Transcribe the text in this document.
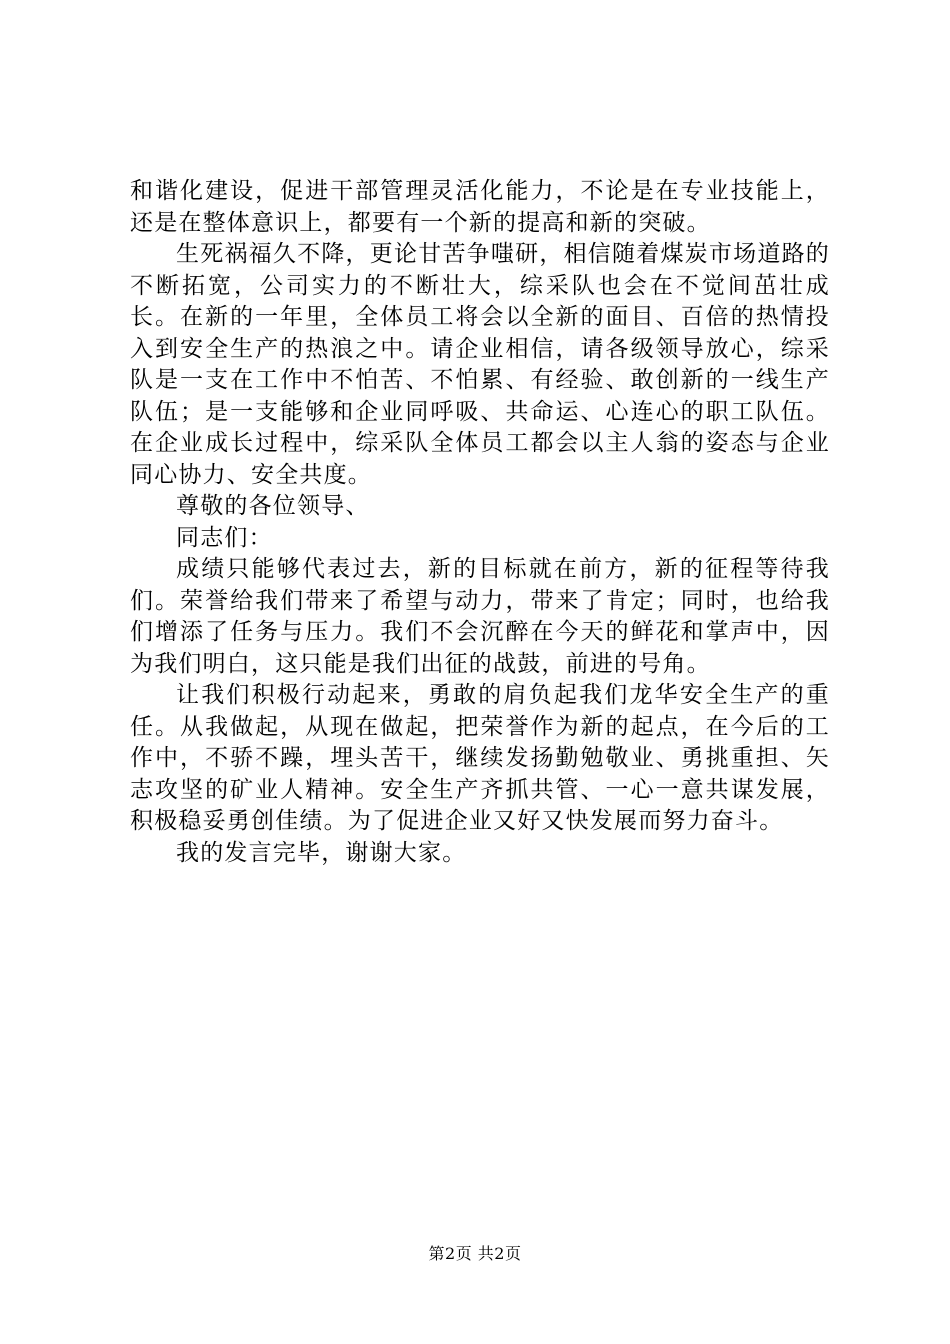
和谐化建设，促进干部管理灵活化能力，不论是在专业技能上，还是在整体意识上，都要有一个新的提高和新的突破。

生死祸福久不降，更论甘苦争嗤研，相信随着煤炭市场道路的不断拓宽，公司实力的不断壮大，综采队也会在不觉间茁壮成长。在新的一年里，全体员工将会以全新的面目、百倍的热情投入到安全生产的热浪之中。请企业相信，请各级领导放心，综采队是一支在工作中不怕苦、不怕累、有经验、敢创新的一线生产队伍；是一支能够和企业同呼吸、共命运、心连心的职工队伍。在企业成长过程中，综采队全体员工都会以主人翁的姿态与企业同心协力、安全共度。

尊敬的各位领导、

同志们：

成绩只能够代表过去，新的目标就在前方，新的征程等待我们。荣誉给我们带来了希望与动力，带来了肯定；同时，也给我们增添了任务与压力。我们不会沉醉在今天的鲜花和掌声中，因为我们明白，这只能是我们出征的战鼓，前进的号角。

让我们积极行动起来，勇敢的肩负起我们龙华安全生产的重任。从我做起，从现在做起，把荣誉作为新的起点，在今后的工作中，不骄不躁，埋头苦干，继续发扬勤勉敬业、勇挑重担、矢志攻坚的矿业人精神。安全生产齐抓共管、一心一意共谋发展，积极稳妥勇创佳绩。为了促进企业又好又快发展而努力奋斗。

我的发言完毕，谢谢大家。

第2页 共2页
